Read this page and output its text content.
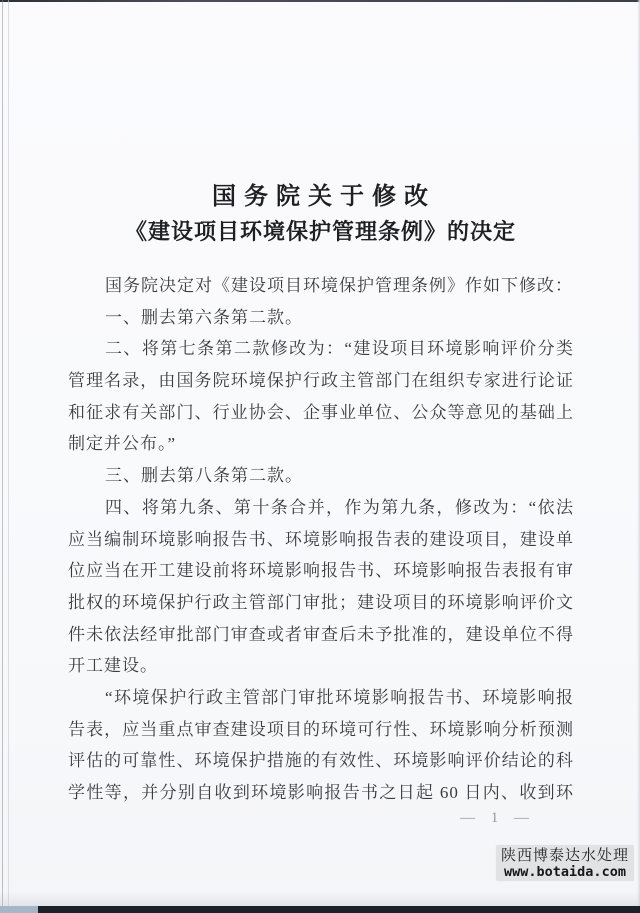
国务院关于修改
《建设项目环境保护管理条例》的决定
国务院决定对《建设项目环境保护管理条例》作如下修改：
一、删去第六条第二款。
二、将第七条第二款修改为：“建设项目环境影响评价分类
管理名录，由国务院环境保护行政主管部门在组织专家进行论证
和征求有关部门、行业协会、企事业单位、公众等意见的基础上
制定并公布。”
三、删去第八条第二款。
四、将第九条、第十条合并，作为第九条，修改为：“依法
应当编制环境影响报告书、环境影响报告表的建设项目，建设单
位应当在开工建设前将环境影响报告书、环境影响报告表报有审
批权的环境保护行政主管部门审批；建设项目的环境影响评价文
件未依法经审批部门审查或者审查后未予批准的，建设单位不得
开工建设。
“环境保护行政主管部门审批环境影响报告书、环境影响报
告表，应当重点审查建设项目的环境可行性、环境影响分析预测
评估的可靠性、环境保护措施的有效性、环境影响评价结论的科
学性等，并分别自收到环境影响报告书之日起 60 日内、收到环
— 1 —
陕西博泰达水处理
www.botaida.com
